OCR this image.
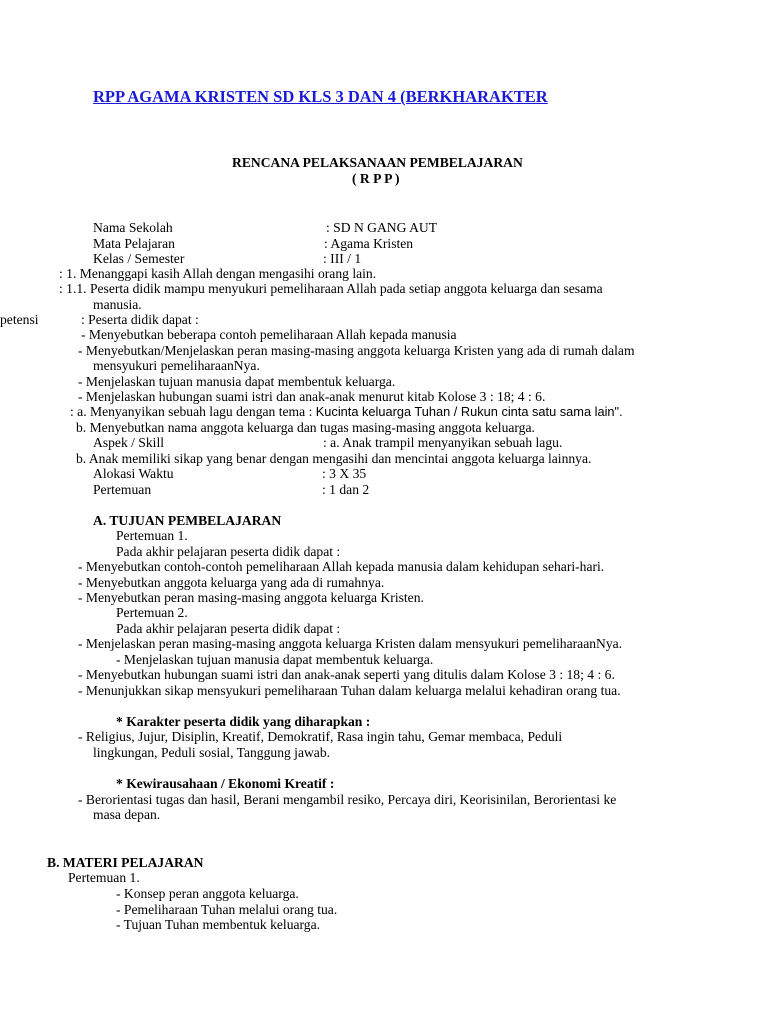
RPP AGAMA KRISTEN SD KLS 3 DAN 4 (BERKHARAKTER
RENCANA PELAKSANAAN PEMBELAJARAN
( R P P )
Nama Sekolah	: SD N GANG AUT
Mata Pelajaran	: Agama Kristen
Kelas / Semester	: III / 1
: 1. Menanggapi kasih Allah dengan mengasihi orang lain.
: 1.1. Peserta didik mampu menyukuri pemeliharaan Allah pada setiap anggota keluarga dan sesama
manusia.
petensi	: Peserta didik dapat :
- Menyebutkan beberapa contoh pemeliharaan Allah kepada manusia
- Menyebutkan/Menjelaskan peran masing-masing anggota keluarga Kristen yang ada di rumah dalam
mensyukuri pemeliharaanNya.
- Menjelaskan tujuan manusia dapat membentuk keluarga.
- Menjelaskan hubungan suami istri dan anak-anak menurut kitab Kolose 3 : 18; 4 : 6.
: a. Menyanyikan sebuah lagu dengan tema : Kucinta keluarga Tuhan / Rukun cinta satu sama lain".
b. Menyebutkan nama anggota keluarga dan tugas masing-masing anggota keluarga.
Aspek / Skill	: a. Anak trampil menyanyikan sebuah lagu.
b. Anak memiliki sikap yang benar dengan mengasihi dan mencintai anggota keluarga lainnya.
Alokasi Waktu	: 3 X 35
Pertemuan	: 1 dan 2
A. TUJUAN PEMBELAJARAN
Pertemuan 1.
Pada akhir pelajaran peserta didik dapat :
- Menyebutkan contoh-contoh pemeliharaan Allah kepada manusia dalam kehidupan sehari-hari.
- Menyebutkan anggota keluarga yang ada di rumahnya.
- Menyebutkan peran masing-masing anggota keluarga Kristen.
Pertemuan 2.
Pada akhir pelajaran peserta didik dapat :
- Menjelaskan peran masing-masing anggota keluarga Kristen dalam mensyukuri pemeliharaanNya.
- Menjelaskan tujuan manusia dapat membentuk keluarga.
- Menyebutkan hubungan suami istri dan anak-anak seperti yang ditulis dalam Kolose 3 : 18; 4 : 6.
- Menunjukkan sikap mensyukuri pemeliharaan Tuhan dalam keluarga melalui kehadiran orang tua.
* Karakter peserta didik yang diharapkan :
- Religius, Jujur, Disiplin, Kreatif, Demokratif, Rasa ingin tahu, Gemar membaca, Peduli
lingkungan, Peduli sosial, Tanggung jawab.
* Kewirausahaan / Ekonomi Kreatif :
- Berorientasi tugas dan hasil, Berani mengambil resiko, Percaya diri, Keorisinilan, Berorientasi ke
masa depan.
B. MATERI PELAJARAN
Pertemuan 1.
- Konsep peran anggota keluarga.
- Pemeliharaan Tuhan melalui orang tua.
- Tujuan Tuhan membentuk keluarga.
